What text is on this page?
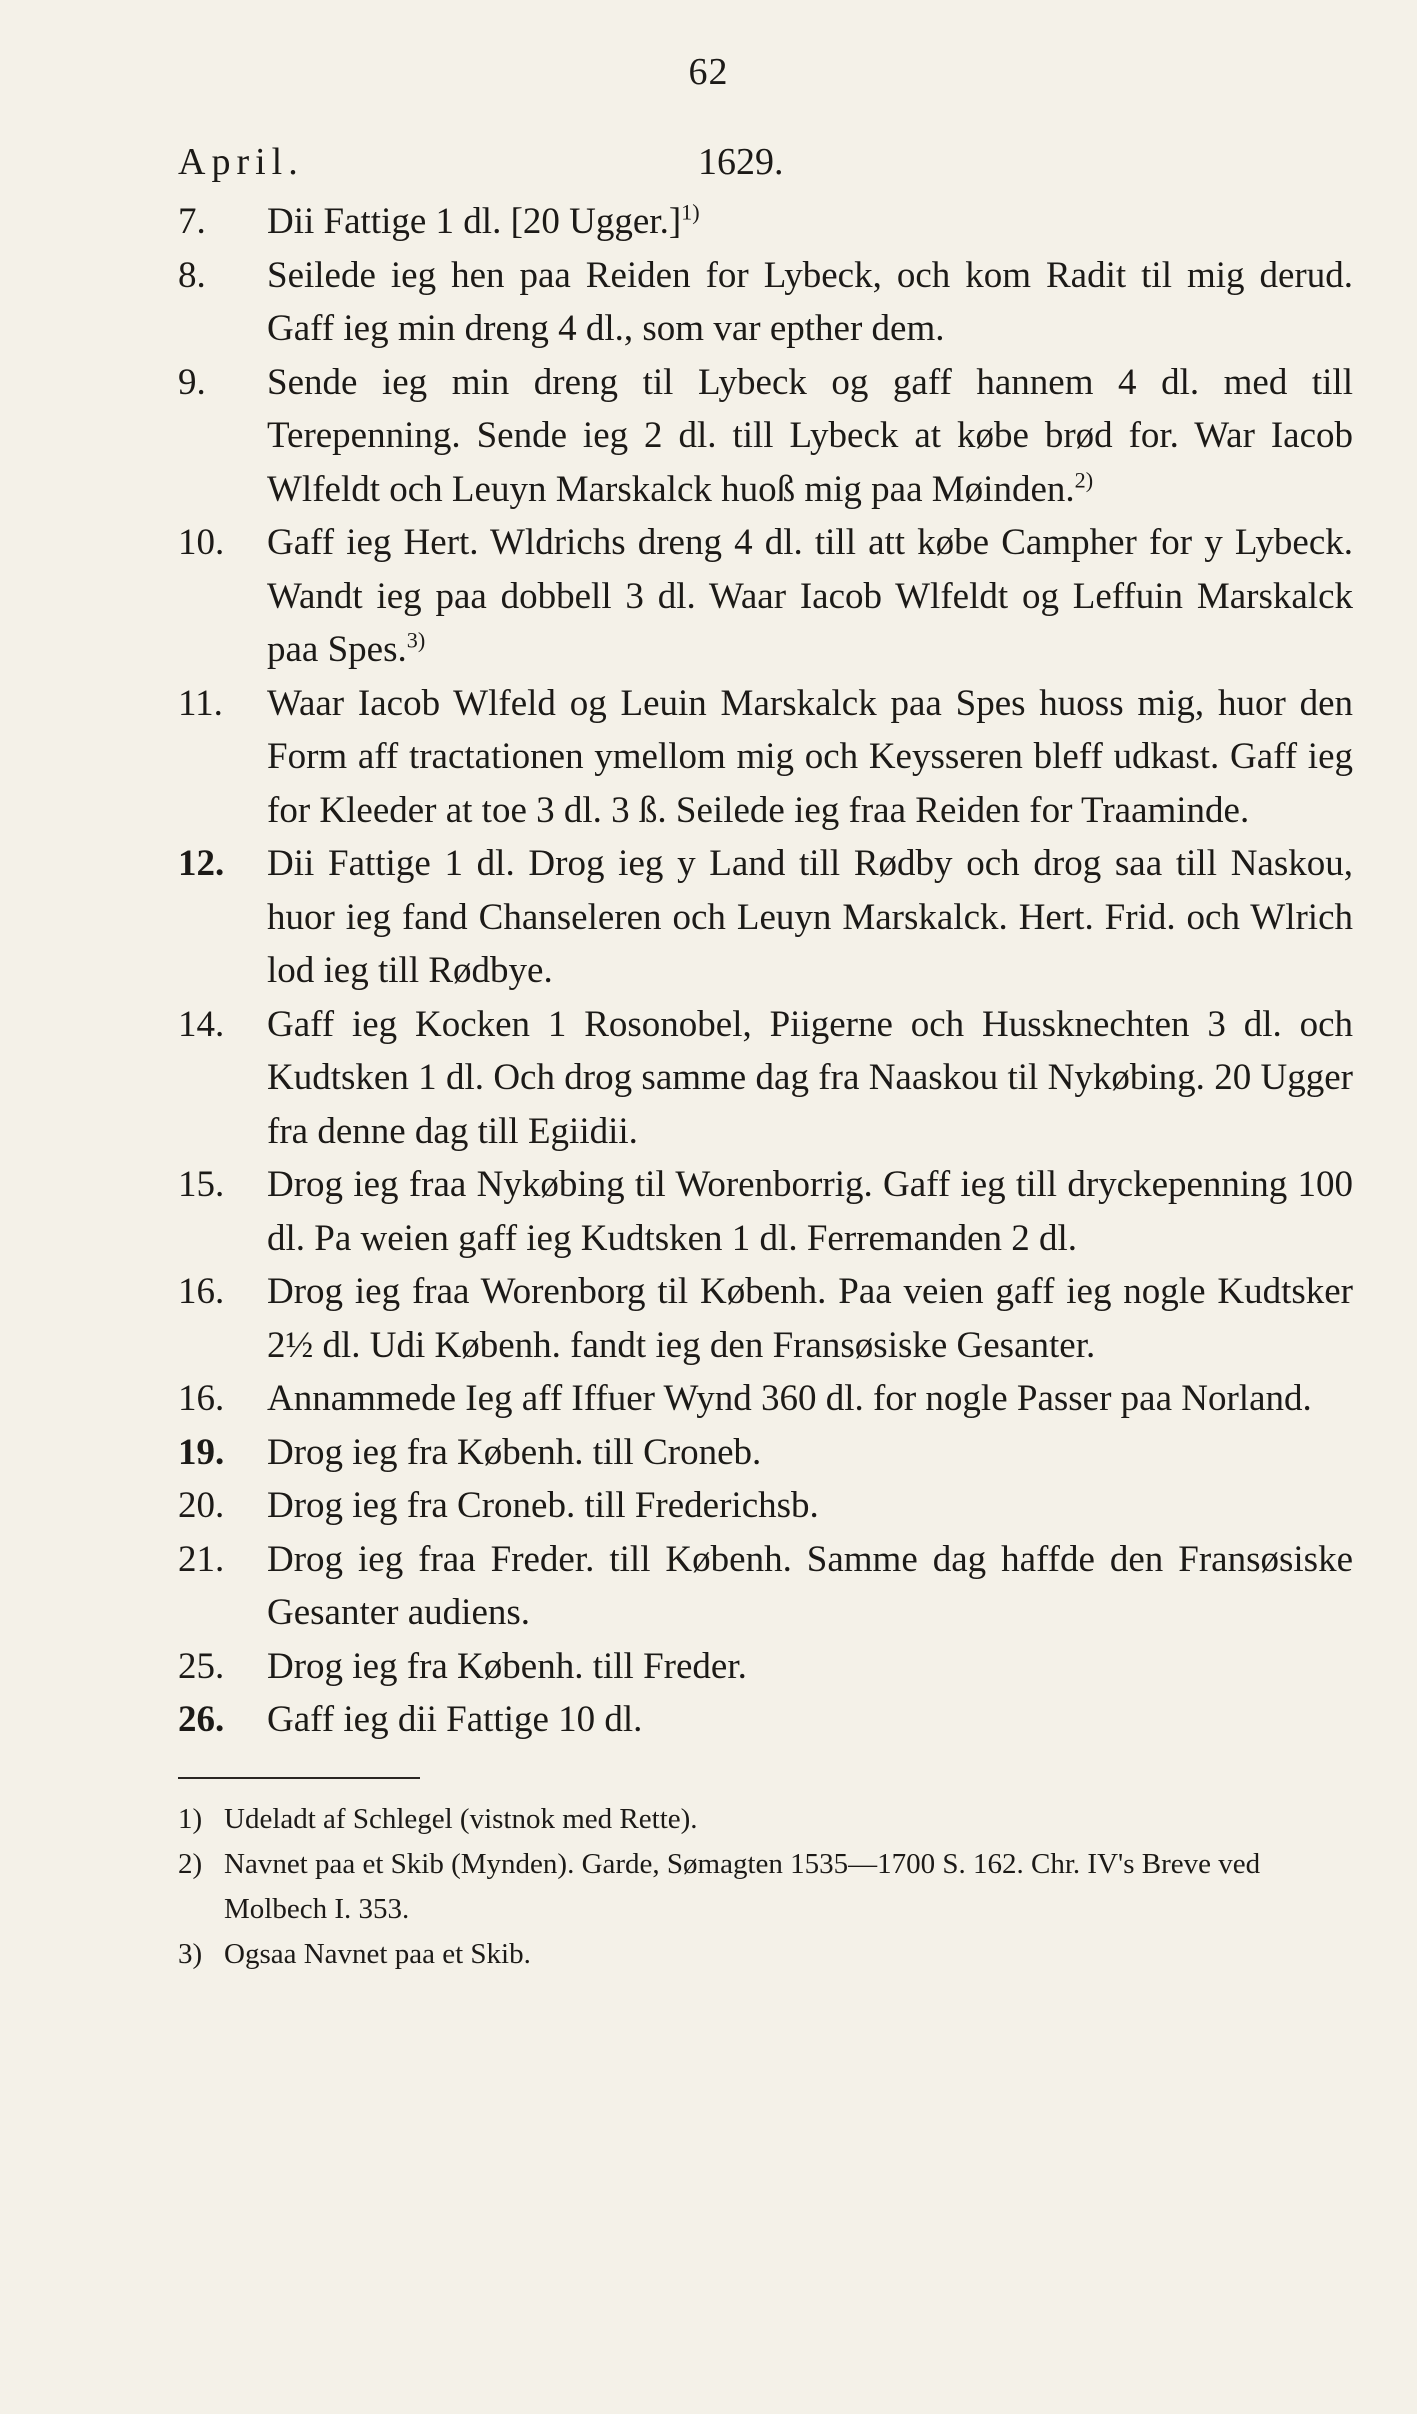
62
April.	1629.
7.	Dii Fattige 1 dl. [20 Ugger.]$^{1)}$
8.	Seilede ieg hen paa Reiden for Lybeck, och kom Radit til mig derud. Gaff ieg min dreng 4 dl., som var epther dem.
9.	Sende ieg min dreng til Lybeck og gaff hannem 4 dl. med till Terepenning. Sende ieg 2 dl. till Lybeck at købe brød for. War Iacob Wlfeldt och Leuyn Marskalck huoß mig paa Møinden.$^{2)}$
10.	Gaff ieg Hert. Wldrichs dreng 4 dl. till att købe Campher for y Lybeck. Wandt ieg paa dobbell 3 dl. Waar Iacob Wlfeldt og Leffuin Marskalck paa Spes.$^{3)}$
11.	Waar Iacob Wlfeld og Leuin Marskalck paa Spes huoss mig, huor den Form aff tractationen ymellom mig och Keysseren bleff udkast. Gaff ieg for Kleeder at toe 3 dl. 3 ß. Seilede ieg fraa Reiden for Traaminde.
12.	Dii Fattige 1 dl. Drog ieg y Land till Rødby och drog saa till Naskou, huor ieg fand Chanseleren och Leuyn Marskalck. Hert. Frid. och Wlrich lod ieg till Rødbye.
14.	Gaff ieg Kocken 1 Rosonobel, Piigerne och Hussknechten 3 dl. och Kudtsken 1 dl. Och drog samme dag fra Naaskou til Nykøbing. 20 Ugger fra denne dag till Egiidii.
15.	Drog ieg fraa Nykøbing til Worenborrig. Gaff ieg till dryckepenning 100 dl. Pa weien gaff ieg Kudtsken 1 dl. Ferremanden 2 dl.
16.	Drog ieg fraa Worenborg til Københ. Paa veien gaff ieg nogle Kudtsker 2½ dl. Udi Københ. fandt ieg den Fransøsiske Gesanter.
16.	Annammede Ieg aff Iffuer Wynd 360 dl. for nogle Passer paa Norland.
19.	Drog ieg fra Københ. till Croneb.
20.	Drog ieg fra Croneb. till Frederichsb.
21.	Drog ieg fraa Freder. till Københ. Samme dag haffde den Fransøsiske Gesanter audiens.
25.	Drog ieg fra Københ. till Freder.
26.	Gaff ieg dii Fattige 10 dl.
1) Udeladt af Schlegel (vistnok med Rette).
2) Navnet paa et Skib (Mynden). Garde, Sømagten 1535—1700 S. 162. Chr. IV's Breve ved Molbech I. 353.
3) Ogsaa Navnet paa et Skib.
